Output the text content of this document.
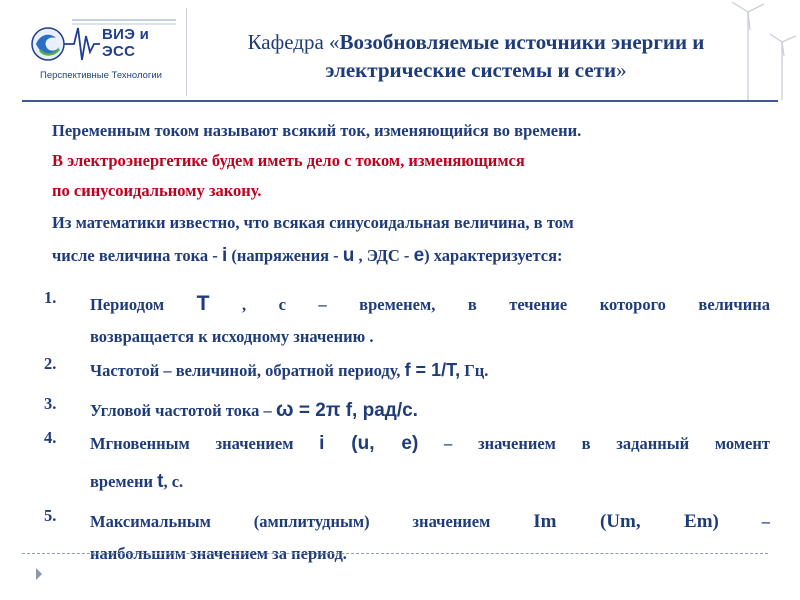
ВИЭ и ЭСС
Перспективные Технологии
Кафедра «Возобновляемые источники энергии и электрические системы и сети»
Переменным током называют всякий ток, изменяющийся во времени.
В электроэнергетике будем иметь дело с током, изменяющимся
по синусоидальному закону.
Из математики известно, что всякая синусоидальная величина, в том
числе величина тока - i (напряжения - u , ЭДС - e) характеризуется:
1.	Периодом Т , с – временем, в течение которого величина
возвращается к исходному значению .
2.	Частотой – величиной, обратной периоду, f = 1/T, Гц.
3.	Угловой частотой тока – ω = 2π f, рад/с.
4.	Мгновенным значением i (u, e) – значением в заданный момент
времени t, с.
5.	Максимальным (амплитудным) значением Im (Um, Em) –
наибольшим значением за период.
